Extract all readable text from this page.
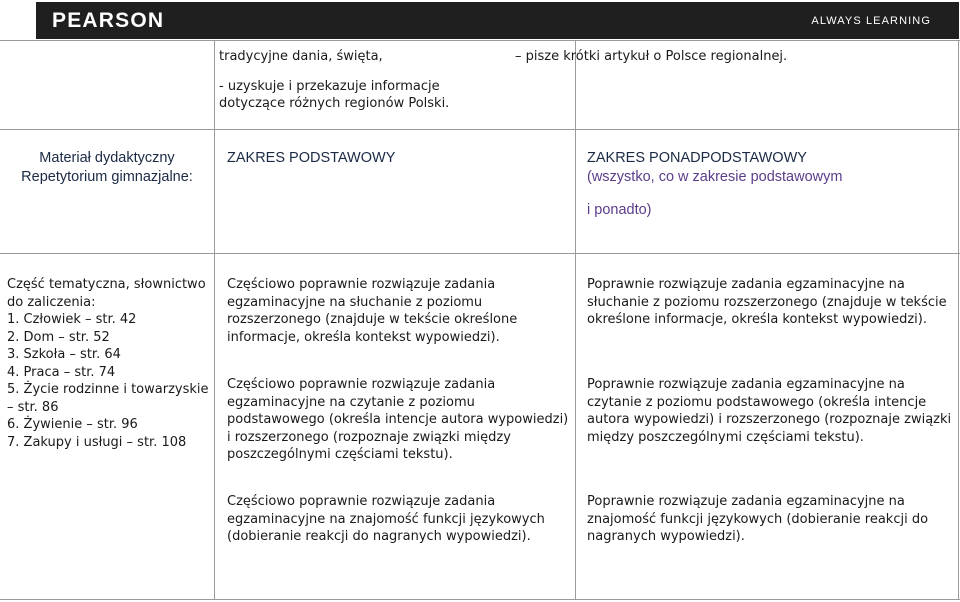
PEARSON	ALWAYS LEARNING

tradycyjne dania, święta,

- uzyskuje i przekazuje informacje dotyczące różnych regionów Polski.

– pisze krótki artykuł o Polsce regionalnej.

Materiał dydaktyczny Repetytorium gimnazjalne:
ZAKRES PODSTAWOWY	ZAKRES PONADPODSTAWOWY
(wszystko, co w zakresie podstawowym
i ponadto)

Część tematyczna, słownictwo do zaliczenia:

1. Człowiek – str. 42

2. Dom – str. 52

3. Szkoła – str. 64

4. Praca – str. 74

5. Życie rodzinne i towarzyskie – str. 86

6. Żywienie – str. 96

7. Zakupy i usługi – str. 108

Częściowo poprawnie rozwiązuje zadania egzaminacyjne na słuchanie z poziomu rozszerzonego (znajduje w tekście określone informacje, określa kontekst wypowiedzi).
Częściowo poprawnie rozwiązuje zadania egzaminacyjne na czytanie z poziomu podstawowego (określa intencje autora wypowiedzi) i rozszerzonego (rozpoznaje związki między poszczególnymi częściami tekstu).
Częściowo poprawnie rozwiązuje zadania egzaminacyjne na znajomość funkcji językowych (dobieranie reakcji do nagranych wypowiedzi).
Poprawnie rozwiązuje zadania egzaminacyjne na słuchanie z poziomu rozszerzonego (znajduje w tekście określone informacje, określa kontekst wypowiedzi).
Poprawnie rozwiązuje zadania egzaminacyjne na czytanie z poziomu podstawowego (określa intencje autora wypowiedzi) i rozszerzonego (rozpoznaje związki między poszczególnymi częściami tekstu).
Poprawnie rozwiązuje zadania egzaminacyjne na znajomość funkcji językowych (dobieranie reakcji do nagranych wypowiedzi).
